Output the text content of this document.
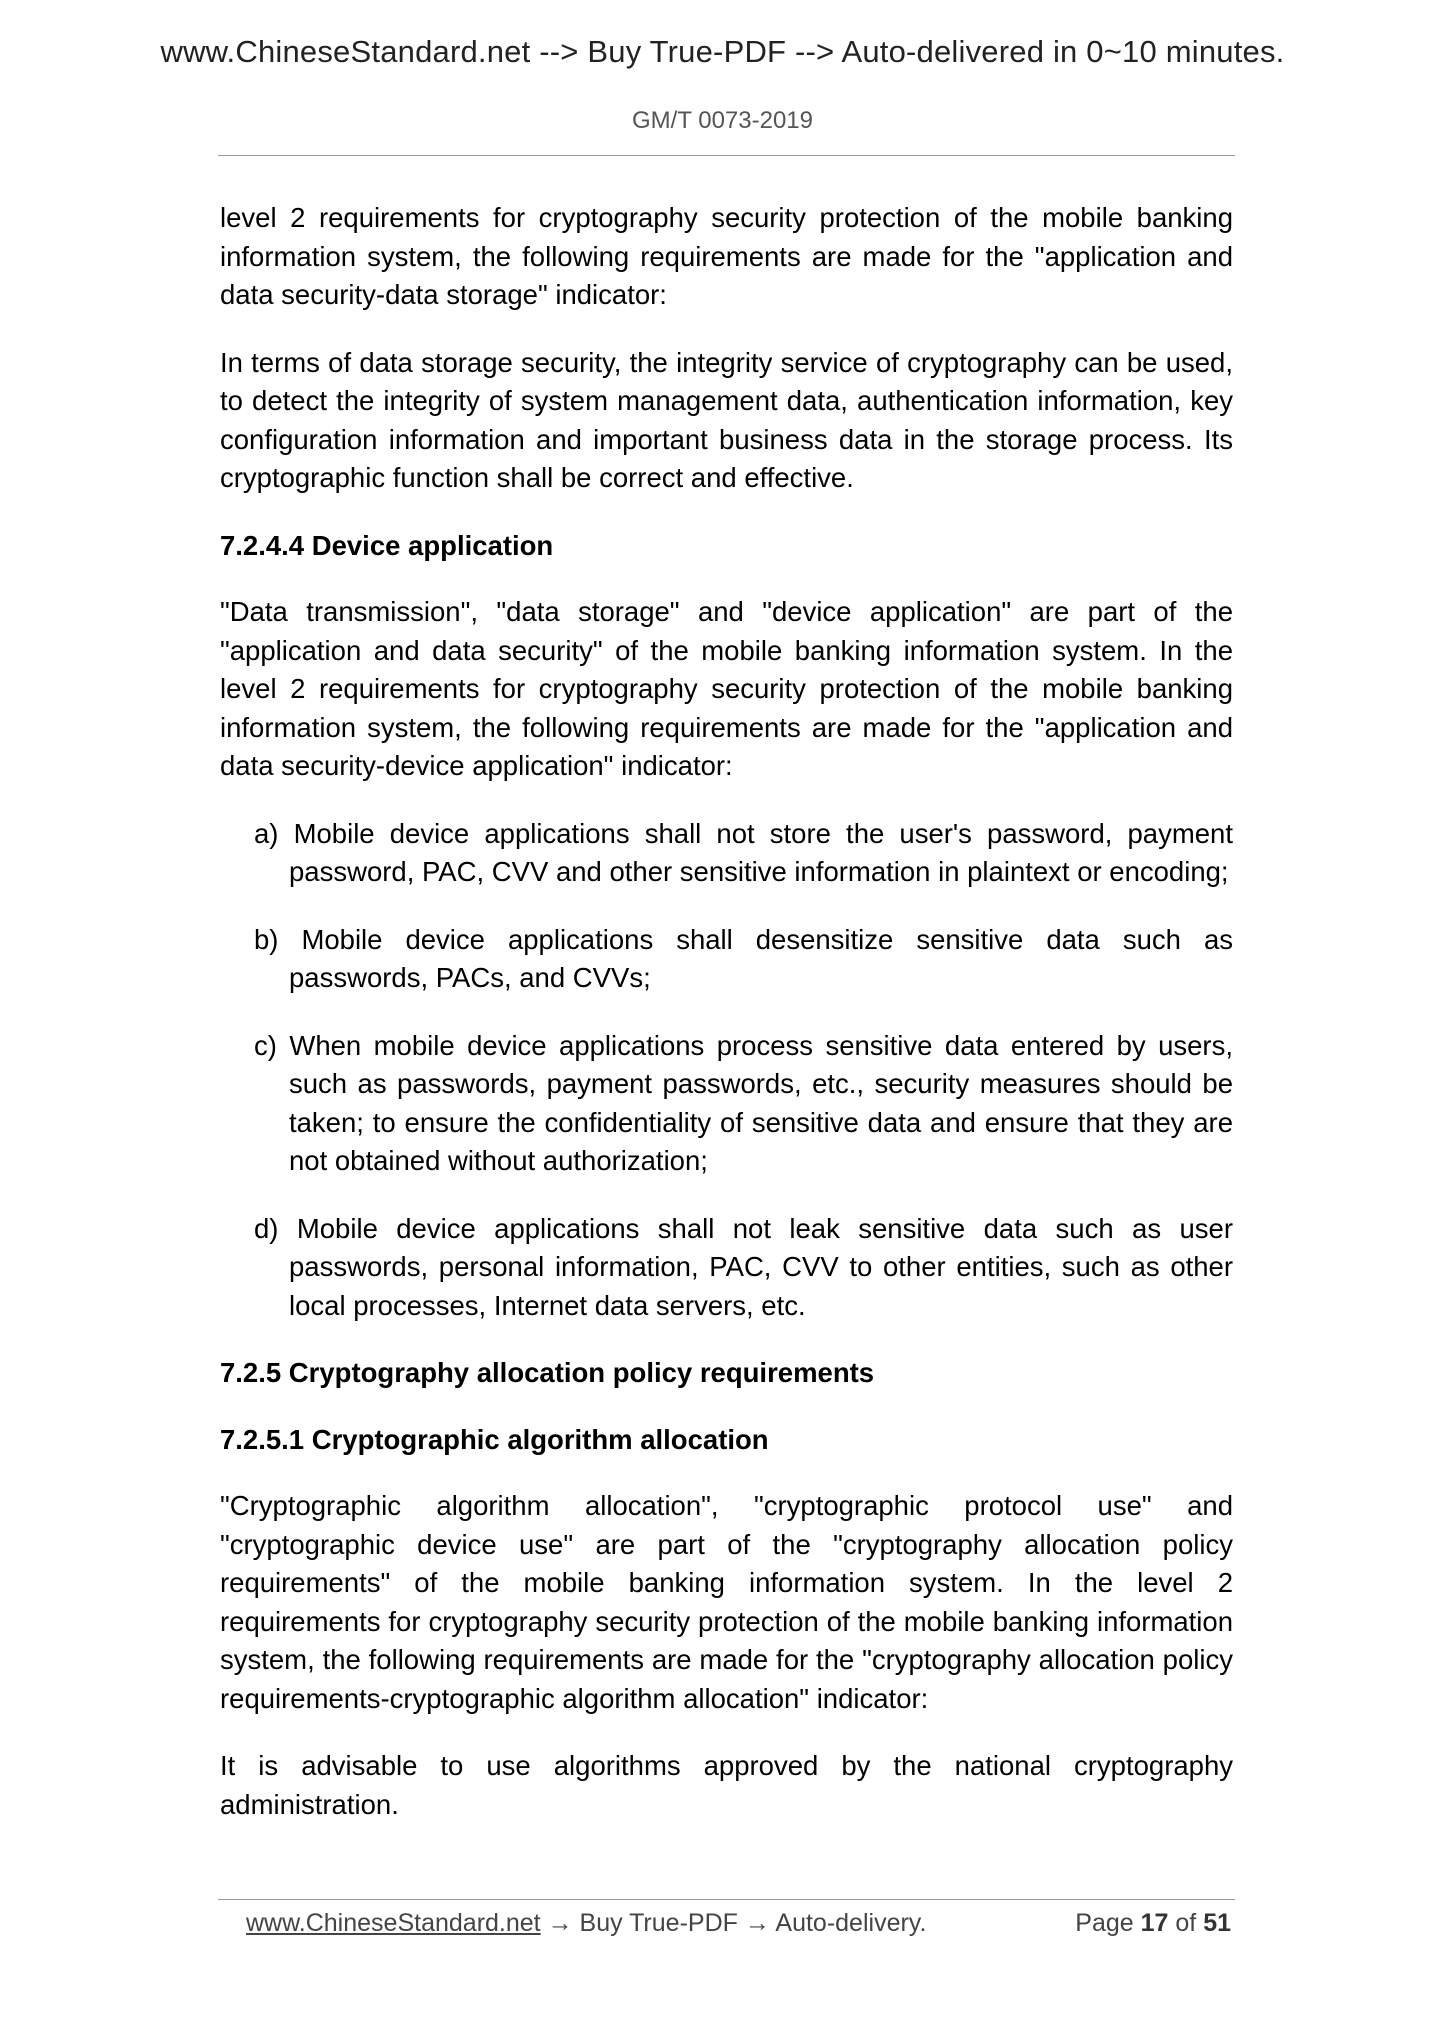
www.ChineseStandard.net --> Buy True-PDF --> Auto-delivered in 0~10 minutes.
GM/T 0073-2019

level 2 requirements for cryptography security protection of the mobile banking information system, the following requirements are made for the "application and data security-data storage" indicator:

In terms of data storage security, the integrity service of cryptography can be used, to detect the integrity of system management data, authentication information, key configuration information and important business data in the storage process. Its cryptographic function shall be correct and effective.

7.2.4.4 Device application

"Data transmission", "data storage" and "device application" are part of the "application and data security" of the mobile banking information system. In the level 2 requirements for cryptography security protection of the mobile banking information system, the following requirements are made for the "application and data security-device application" indicator:

a) Mobile device applications shall not store the user's password, payment password, PAC, CVV and other sensitive information in plaintext or encoding;

b) Mobile device applications shall desensitize sensitive data such as passwords, PACs, and CVVs;

c) When mobile device applications process sensitive data entered by users, such as passwords, payment passwords, etc., security measures should be taken; to ensure the confidentiality of sensitive data and ensure that they are not obtained without authorization;

d) Mobile device applications shall not leak sensitive data such as user passwords, personal information, PAC, CVV to other entities, such as other local processes, Internet data servers, etc.

7.2.5 Cryptography allocation policy requirements
7.2.5.1 Cryptographic algorithm allocation

"Cryptographic algorithm allocation", "cryptographic protocol use" and "cryptographic device use" are part of the "cryptography allocation policy requirements" of the mobile banking information system. In the level 2 requirements for cryptography security protection of the mobile banking information system, the following requirements are made for the "cryptography allocation policy requirements-cryptographic algorithm allocation" indicator:

It is advisable to use algorithms approved by the national cryptography administration.

www.ChineseStandard.net → Buy True-PDF → Auto-delivery.	Page 17 of 51
